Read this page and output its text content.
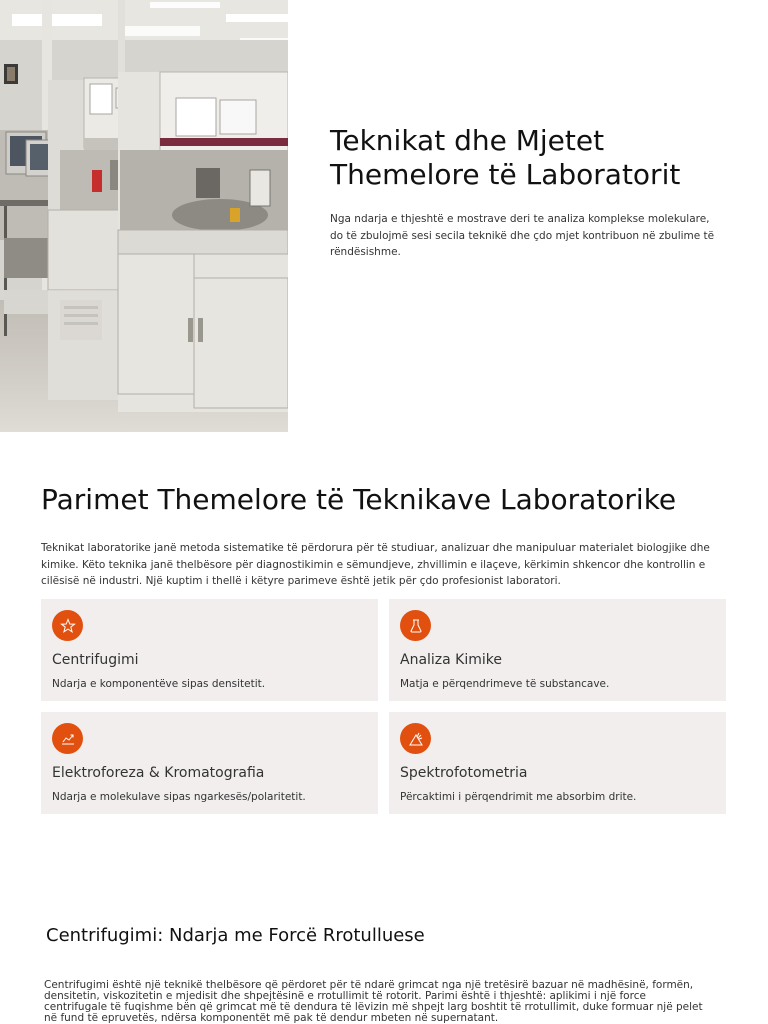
Teknikat dhe Mjetet Themelore të Laboratorit

Nga ndarja e thjeshtë e mostrave deri te analiza komplekse molekulare, do të zbulojmë sesi secila teknikë dhe çdo mjet kontribuon në zbulime të rëndësishme.

Parimet Themelore të Teknikave Laboratorike

Teknikat laboratorike janë metoda sistematike të përdorura për të studiuar, analizuar dhe manipuluar materialet biologjike dhe kimike. Këto teknika janë thelbësore për diagnostikimin e sëmundjeve, zhvillimin e ilaçeve, kërkimin shkencor dhe kontrollin e cilësisë në industri. Një kuptim i thellë i këtyre parimeve është jetik për çdo profesionist laboratori.

Centrifugimi
Ndarja e komponentëve sipas densitetit.
Analiza Kimike
Matja e përqendrimeve të substancave.
Elektroforeza & Kromatografia
Ndarja e molekulave sipas ngarkesës/polaritetit.
Spektrofotometria
Përcaktimi i përqendrimit me absorbim drite.
Centrifugimi: Ndarja me Forcë Rrotulluese

Centrifugimi është një teknikë thelbësore që përdoret për të ndarë grimcat nga një tretësirë bazuar në madhësinë, formën, densitetin, viskozitetin e mjedisit dhe shpejtësinë e rrotullimit të rotorit. Parimi është i thjeshtë: aplikimi i një force centrifugale të fuqishme bën që grimcat më të dendura të lëvizin më shpejt larg boshtit të rrotullimit, duke formuar një pelet në fund të epruvetës, ndërsa komponentët më pak të dendur mbeten në supernatant.
